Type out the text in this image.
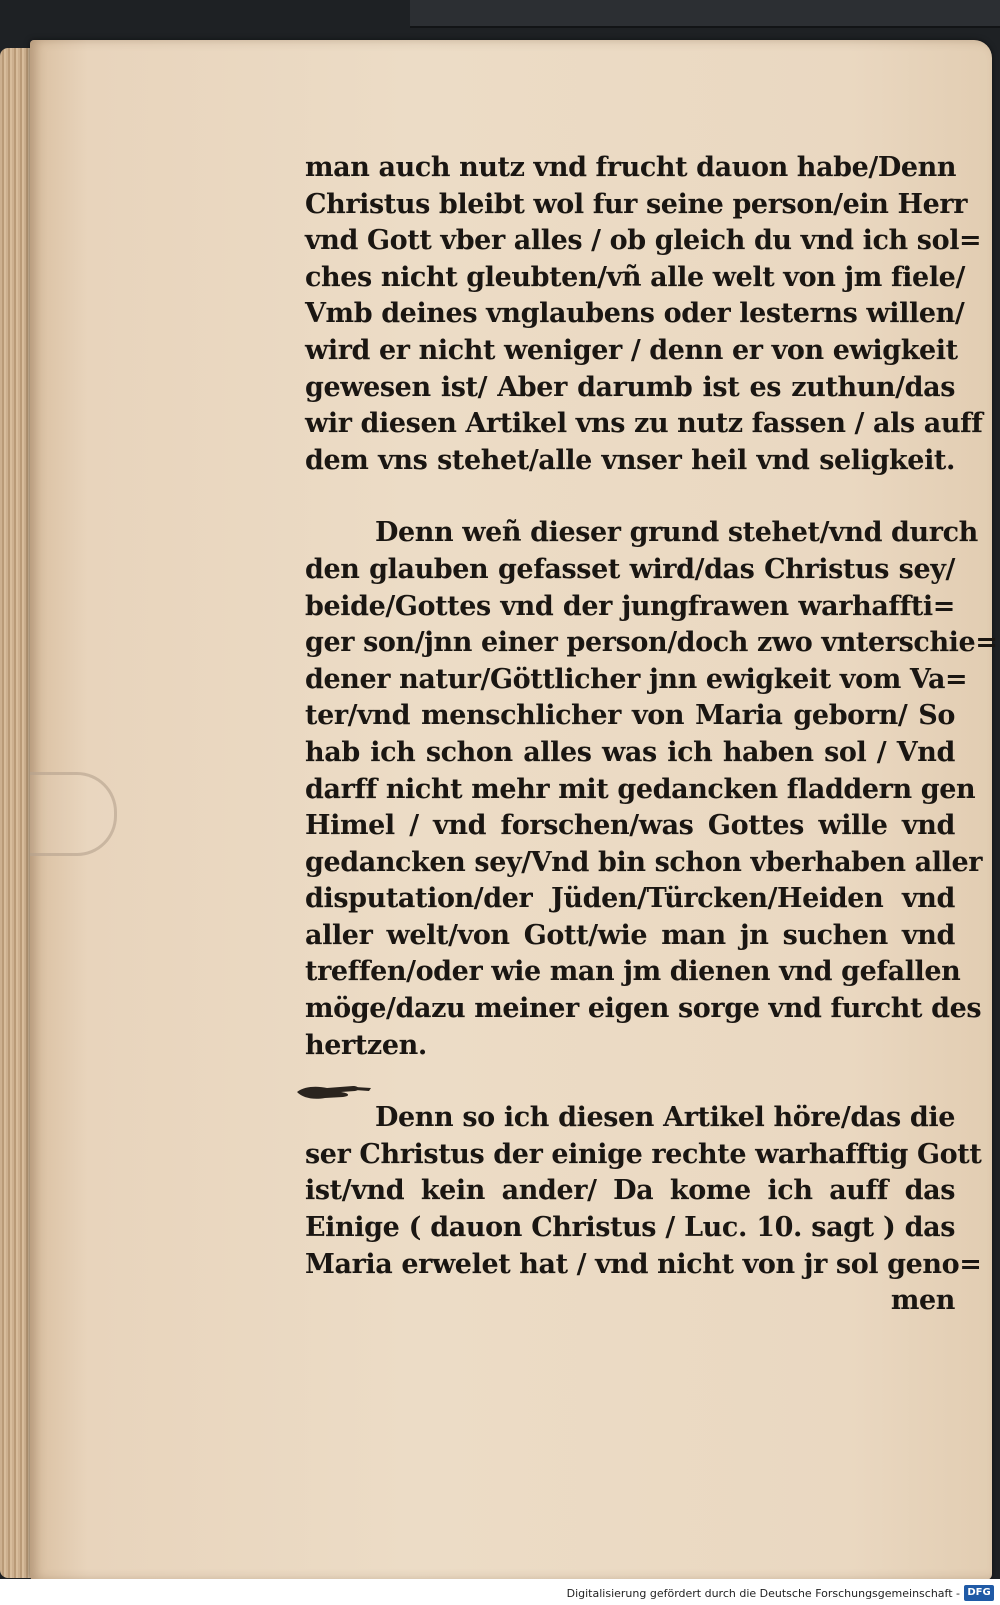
man auch nutz vnd frucht dauon habe/Denn
Christus bleibt wol fur seine person/ein Herr
vnd Gott vber alles / ob gleich du vnd ich sol=
ches nicht gleubten/vñ alle welt von jm fiele/
Vmb deines vnglaubens oder lesterns willen/
wird er nicht weniger / denn er von ewigkeit
gewesen ist/ Aber darumb ist es zuthun/das
wir diesen Artikel vns zu nutz fassen / als auff
dem vns stehet/alle vnser heil vnd seligkeit.
Denn weñ dieser grund stehet/vnd durch
den glauben gefasset wird/das Christus sey/
beide/Gottes vnd der jungfrawen warhaffti=
ger son/jnn einer person/doch zwo vnterschie=
dener natur/Göttlicher jnn ewigkeit vom Va=
ter/vnd menschlicher von Maria geborn/ So
hab ich schon alles was ich haben sol / Vnd
darff nicht mehr mit gedancken fladdern gen
Himel / vnd forschen/was Gottes wille vnd
gedancken sey/Vnd bin schon vberhaben aller
disputation/der Jüden/Türcken/Heiden vnd
aller welt/von Gott/wie man jn suchen vnd
treffen/oder wie man jm dienen vnd gefallen
möge/dazu meiner eigen sorge vnd furcht des
hertzen.
Denn so ich diesen Artikel höre/das die
ser Christus der einige rechte warhafftig Gott
ist/vnd kein ander/ Da kome ich auff das
Einige ( dauon Christus / Luc. 10. sagt ) das
Maria erwelet hat / vnd nicht von jr sol geno=
men
Digitalisierung gefördert durch die Deutsche Forschungsgemeinschaft - DFG
